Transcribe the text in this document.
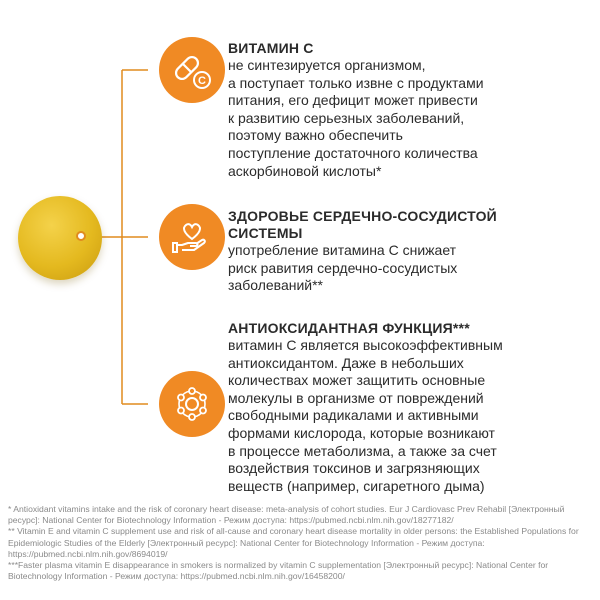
C
ВИТАМИН С
не синтезируется организмом,
а поступает только извне с продуктами
питания, его дефицит может привести
к развитию серьезных заболеваний,
поэтому важно обеспечить
поступление достаточного количества
аскорбиновой кислоты*
ЗДОРОВЬЕ СЕРДЕЧНО-СОСУДИСТОЙ
СИСТЕМЫ
употребление витамина С снижает
риск равития сердечно-сосудистых
заболеваний**
АНТИОКСИДАНТНАЯ ФУНКЦИЯ***
витамин С является высокоэффективным
антиоксидантом. Даже в небольших
количествах может защитить основные
молекулы в организме от повреждений
свободными радикалами и активными
формами кислорода, которые возникают
в процессе метаболизма, а также за счет
воздействия токсинов и загрязняющих
веществ (например, сигаретного дыма)
* Antioxidant vitamins intake and the risk of coronary heart disease: meta-analysis of cohort studies. Eur J Cardiovasc Prev Rehabil [Электронный ресурс]: National Center for Biotechnology Information - Режим доступа: https://pubmed.ncbi.nlm.nih.gov/18277182/
** Vitamin E and vitamin C supplement use and risk of all-cause and coronary heart disease mortality in older persons: the Established Populations for Epidemiologic Studies of the Elderly [Электронный ресурс]: National Center for Biotechnology Information - Режим доступа: https://pubmed.ncbi.nlm.nih.gov/8694019/
***Faster plasma vitamin E disappearance in smokers is normalized by vitamin C supplementation [Электронный ресурс]: National Center for Biotechnology Information - Режим доступа: https://pubmed.ncbi.nlm.nih.gov/16458200/
